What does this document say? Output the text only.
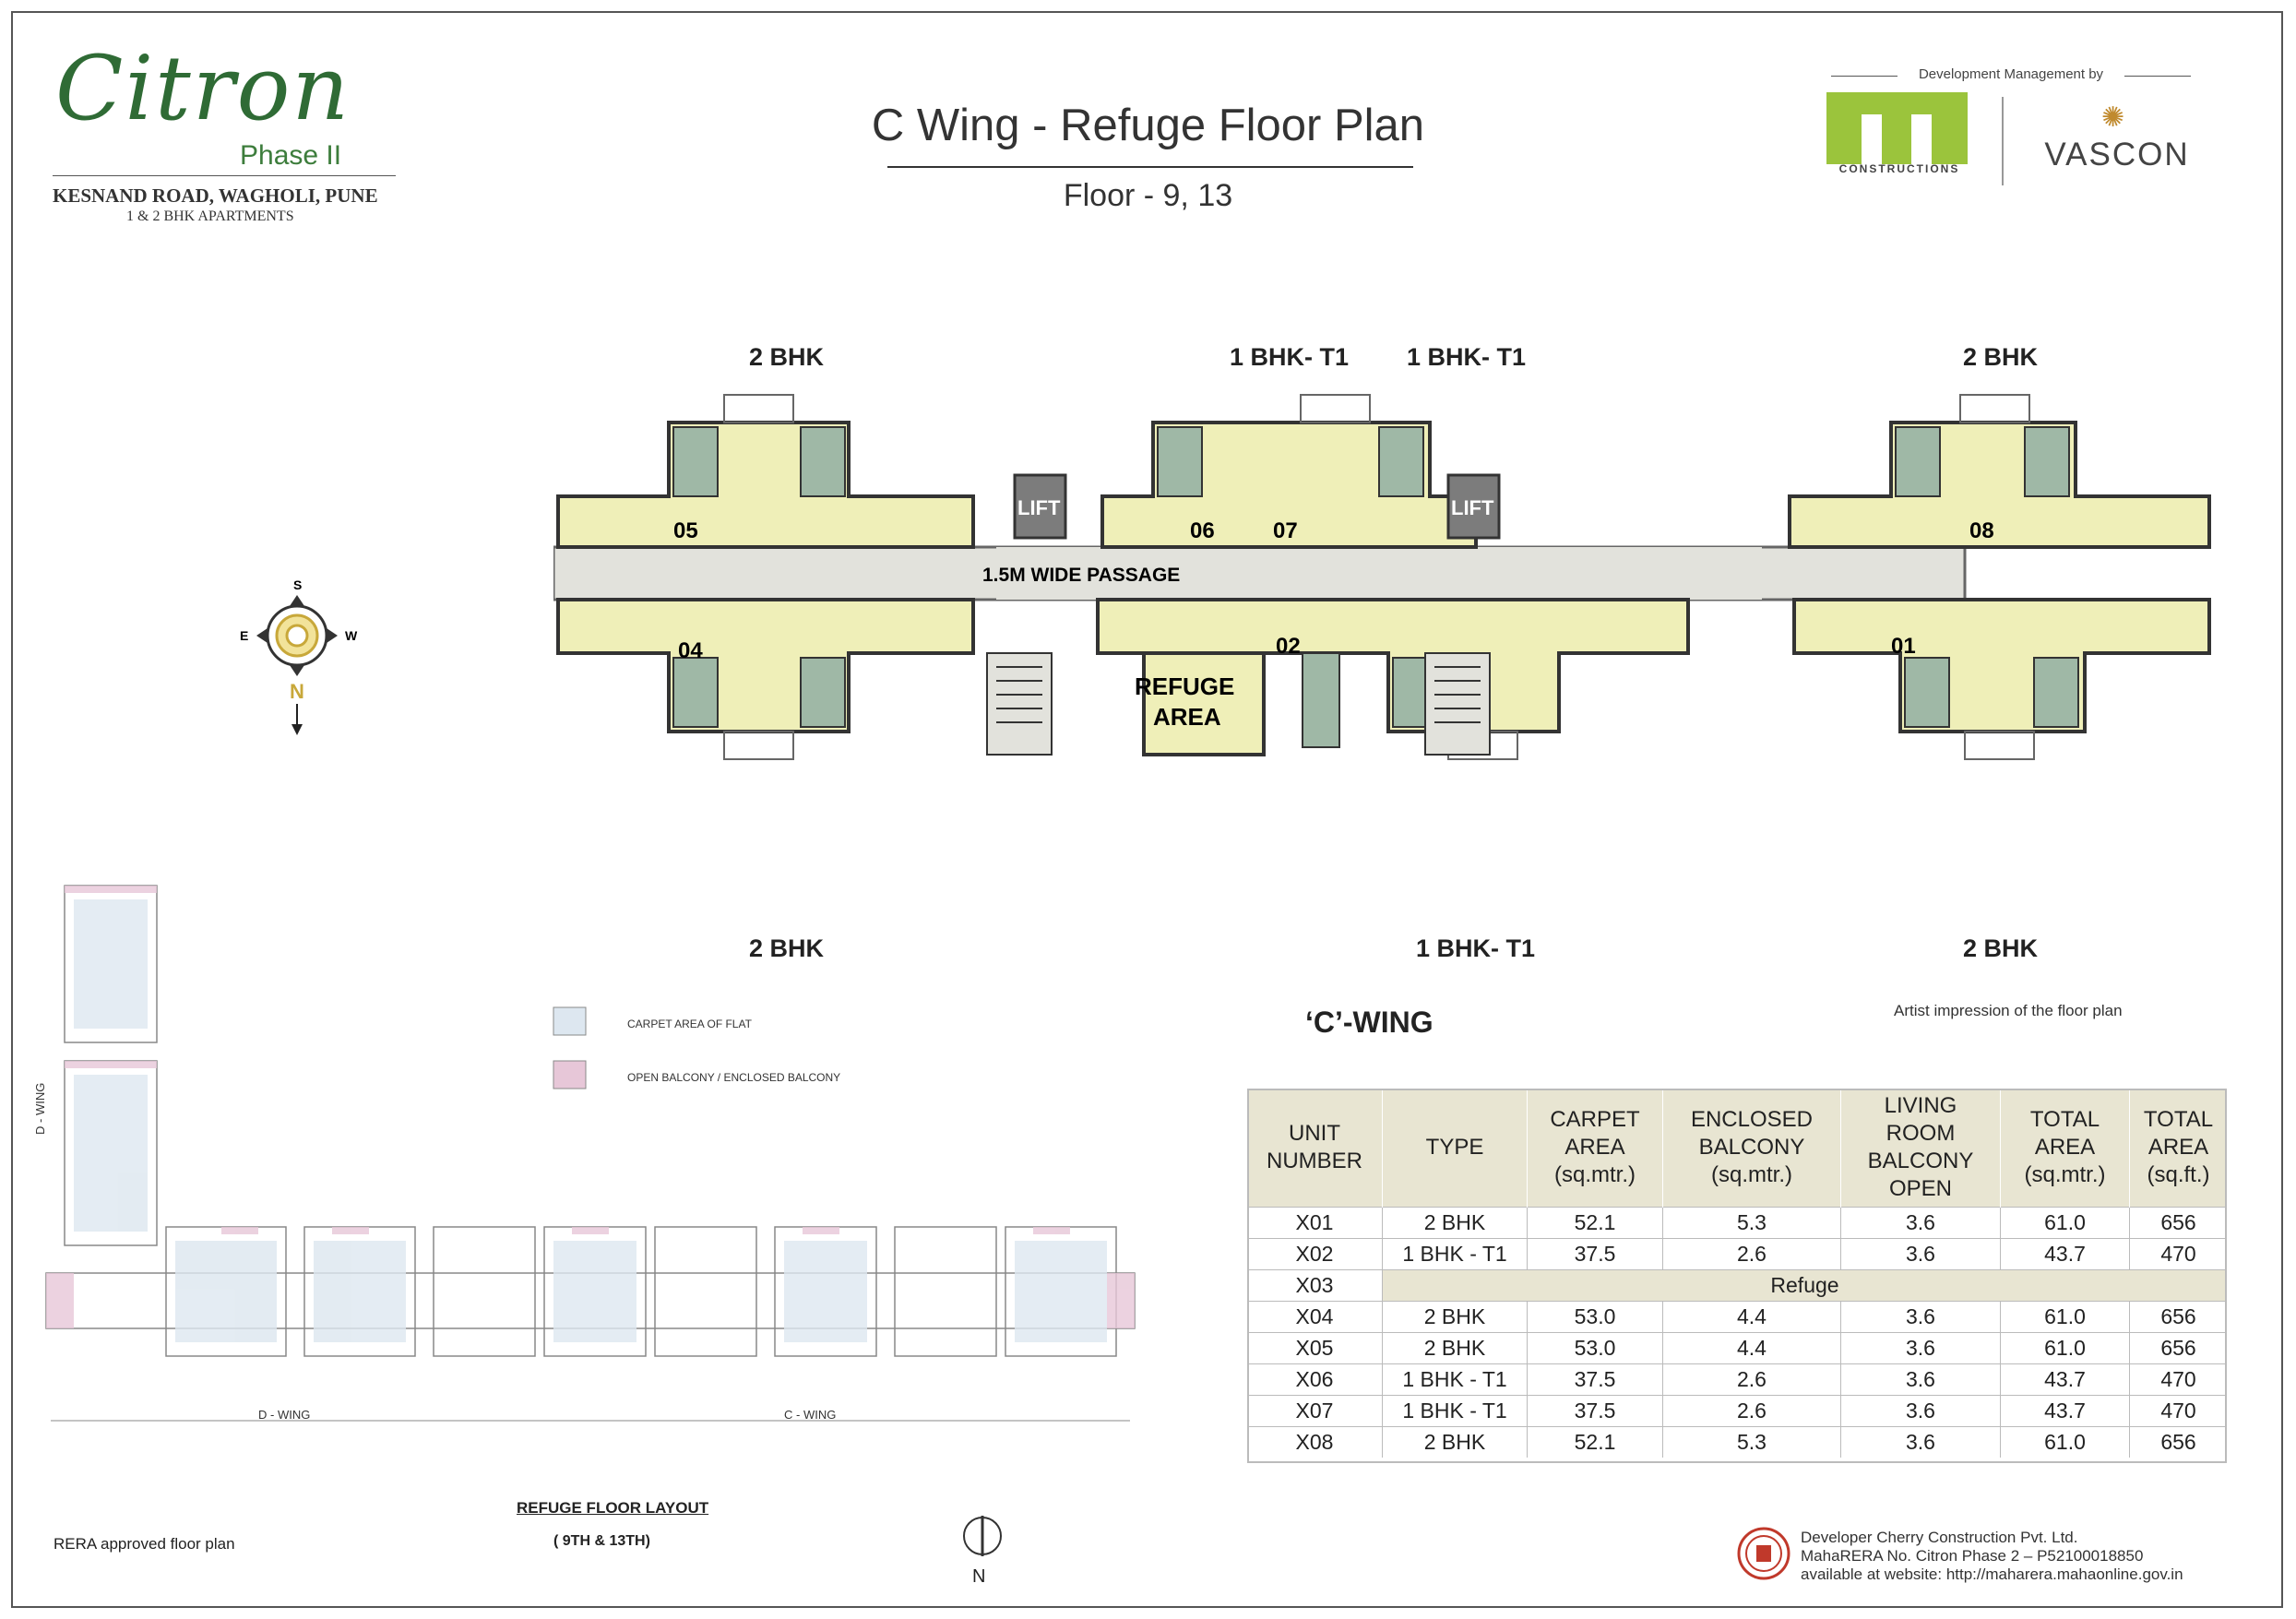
Citron
Phase II
KESNAND ROAD, WAGHOLI, PUNE
1 & 2 BHK APARTMENTS
C Wing - Refuge Floor Plan
Floor - 9, 13
Development Management by
CONSTRUCTIONS
✺
VASCON
S
E	W
N
LIFT	LIFT
05	06	07	08
04	02	01
REFUGE
AREA
1.5M WIDE PASSAGE
2 BHK	1 BHK- T1 1 BHK- T1	2 BHK
2 BHK	1 BHK- T1	2 BHK
CARPET AREA OF FLAT
OPEN BALCONY / ENCLOSED BALCONY
D - WING	C - WING
D - WING
REFUGE FLOOR LAYOUT
( 9TH & 13TH)
N
RERA approved floor plan
‘C’-WING	Artist impression of the floor plan
UNIT
NUMBER	TYPE	CARPET
AREA
(sq.mtr.)	ENCLOSED
BALCONY
(sq.mtr.)	LIVING
ROOM
BALCONY
OPEN	TOTAL
AREA
(sq.mtr.)	TOTAL
AREA
(sq.ft.)
X01	2 BHK	52.1	5.3	3.6	61.0	656
X02	1 BHK - T1	37.5	2.6	3.6	43.7	470
X03	Refuge					
X04	2 BHK	53.0	4.4	3.6	61.0	656
X05	2 BHK	53.0	4.4	3.6	61.0	656
X06	1 BHK - T1	37.5	2.6	3.6	43.7	470
X07	1 BHK - T1	37.5	2.6	3.6	43.7	470
X08	2 BHK	52.1	5.3	3.6	61.0	656
Developer Cherry Construction Pvt. Ltd.
MahaRERA No. Citron Phase 2 – P52100018850
available at website: http://maharera.mahaonline.gov.in
